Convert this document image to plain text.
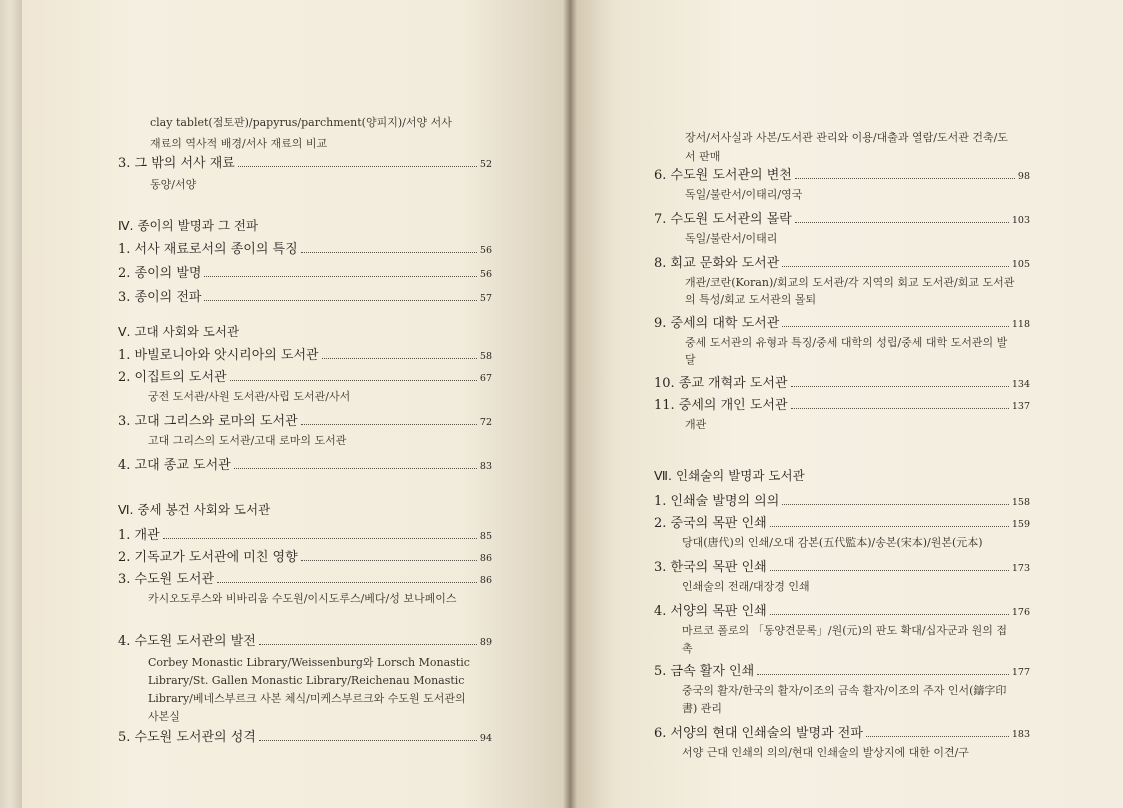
clay tablet(점토판)/papyrus/parchment(양피지)/서양 서사 재료의 역사적 배경/서사 재료의 비교
3. 그 밖의 서사 재료	52
동양/서양
Ⅳ. 종이의 발명과 그 전파
1. 서사 재료로서의 종이의 특징	56
2. 종이의 발명	56
3. 종이의 전파	57
Ⅴ. 고대 사회와 도서관
1. 바빌로니아와 앗시리아의 도서관	58
2. 이집트의 도서관	67
궁전 도서관/사원 도서관/사립 도서관/사서
3. 고대 그리스와 로마의 도서관	72
고대 그리스의 도서관/고대 로마의 도서관
4. 고대 종교 도서관	83
Ⅵ. 중세 봉건 사회와 도서관
1. 개관	85
2. 기독교가 도서관에 미친 영향	86
3. 수도원 도서관	86
카시오도루스와 비바리움 수도원/이시도루스/베다/성 보나페이스
4. 수도원 도서관의 발전	89
Corbey Monastic Library/Weissenburg와 Lorsch Monastic Library/St. Gallen Monastic Library/Reichenau Monastic Library/베네스부르크 사본 체식/미케스부르크와 수도원 도서관의 사본실
5. 수도원 도서관의 성격	94
장서/서사실과 사본/도서관 관리와 이용/대출과 열람/도서관 건축/도서 판매
6. 수도원 도서관의 변천	98
독일/불란서/이태리/영국
7. 수도원 도서관의 몰락	103
독일/불란서/이태리
8. 회교 문화와 도서관	105
개관/코란(Koran)/회교의 도서관/각 지역의 회교 도서관/회교 도서관의 특성/회교 도서관의 몰퇴
9. 중세의 대학 도서관	118
중세 도서관의 유형과 특징/중세 대학의 성립/중세 대학 도서관의 발달
10. 종교 개혁과 도서관	134
11. 중세의 개인 도서관	137
개관
Ⅶ. 인쇄술의 발명과 도서관
1. 인쇄술 발명의 의의	158
2. 중국의 목판 인쇄	159
당대(唐代)의 인쇄/오대 감본(五代監本)/송본(宋本)/원본(元本)
3. 한국의 목판 인쇄	173
인쇄술의 전래/대장경 인쇄
4. 서양의 목판 인쇄	176
마르코 폴로의 「동양견문록」/원(元)의 판도 확대/십자군과 원의 접촉
5. 금속 활자 인쇄	177
중국의 활자/한국의 활자/이조의 금속 활자/이조의 주자 인서(鑄字印書) 관리
6. 서양의 현대 인쇄술의 발명과 전파	183
서양 근대 인쇄의 의의/현대 인쇄술의 발상지에 대한 이견/구
